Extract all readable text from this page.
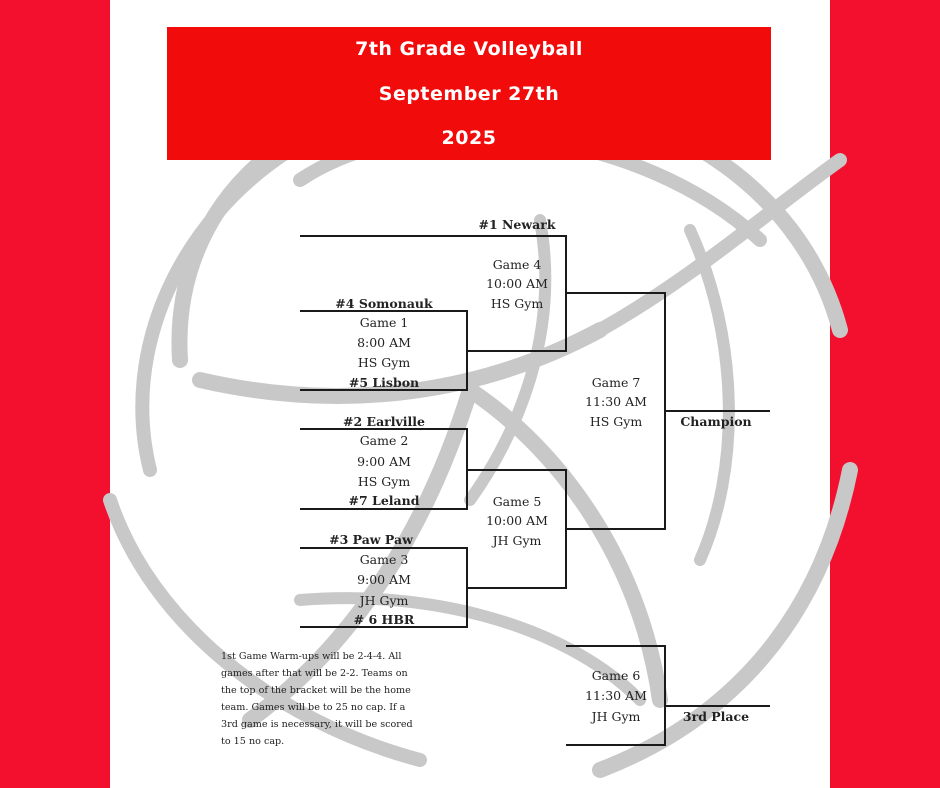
7th Grade Volleyball
September 27th
2025
#1 Newark
#4 Somonauk
#5 Lisbon
#2 Earlville
#7 Leland
#3 Paw Paw
# 6 HBR
Game 1
8:00 AM
HS Gym
Game 2
9:00 AM
HS Gym
Game 3
9:00 AM
JH Gym
Game 4
10:00 AM
HS Gym
Game 5
10:00 AM
JH Gym
Game 7
11:30 AM
HS Gym
Game 6
11:30 AM
JH Gym
Champion
3rd Place
1st Game Warm-ups will be 2-4-4. All games after that will be 2-2. Teams on the top of the bracket will be the home team. Games will be to 25 no cap. If a 3rd game is necessary, it will be scored to 15 no cap.
